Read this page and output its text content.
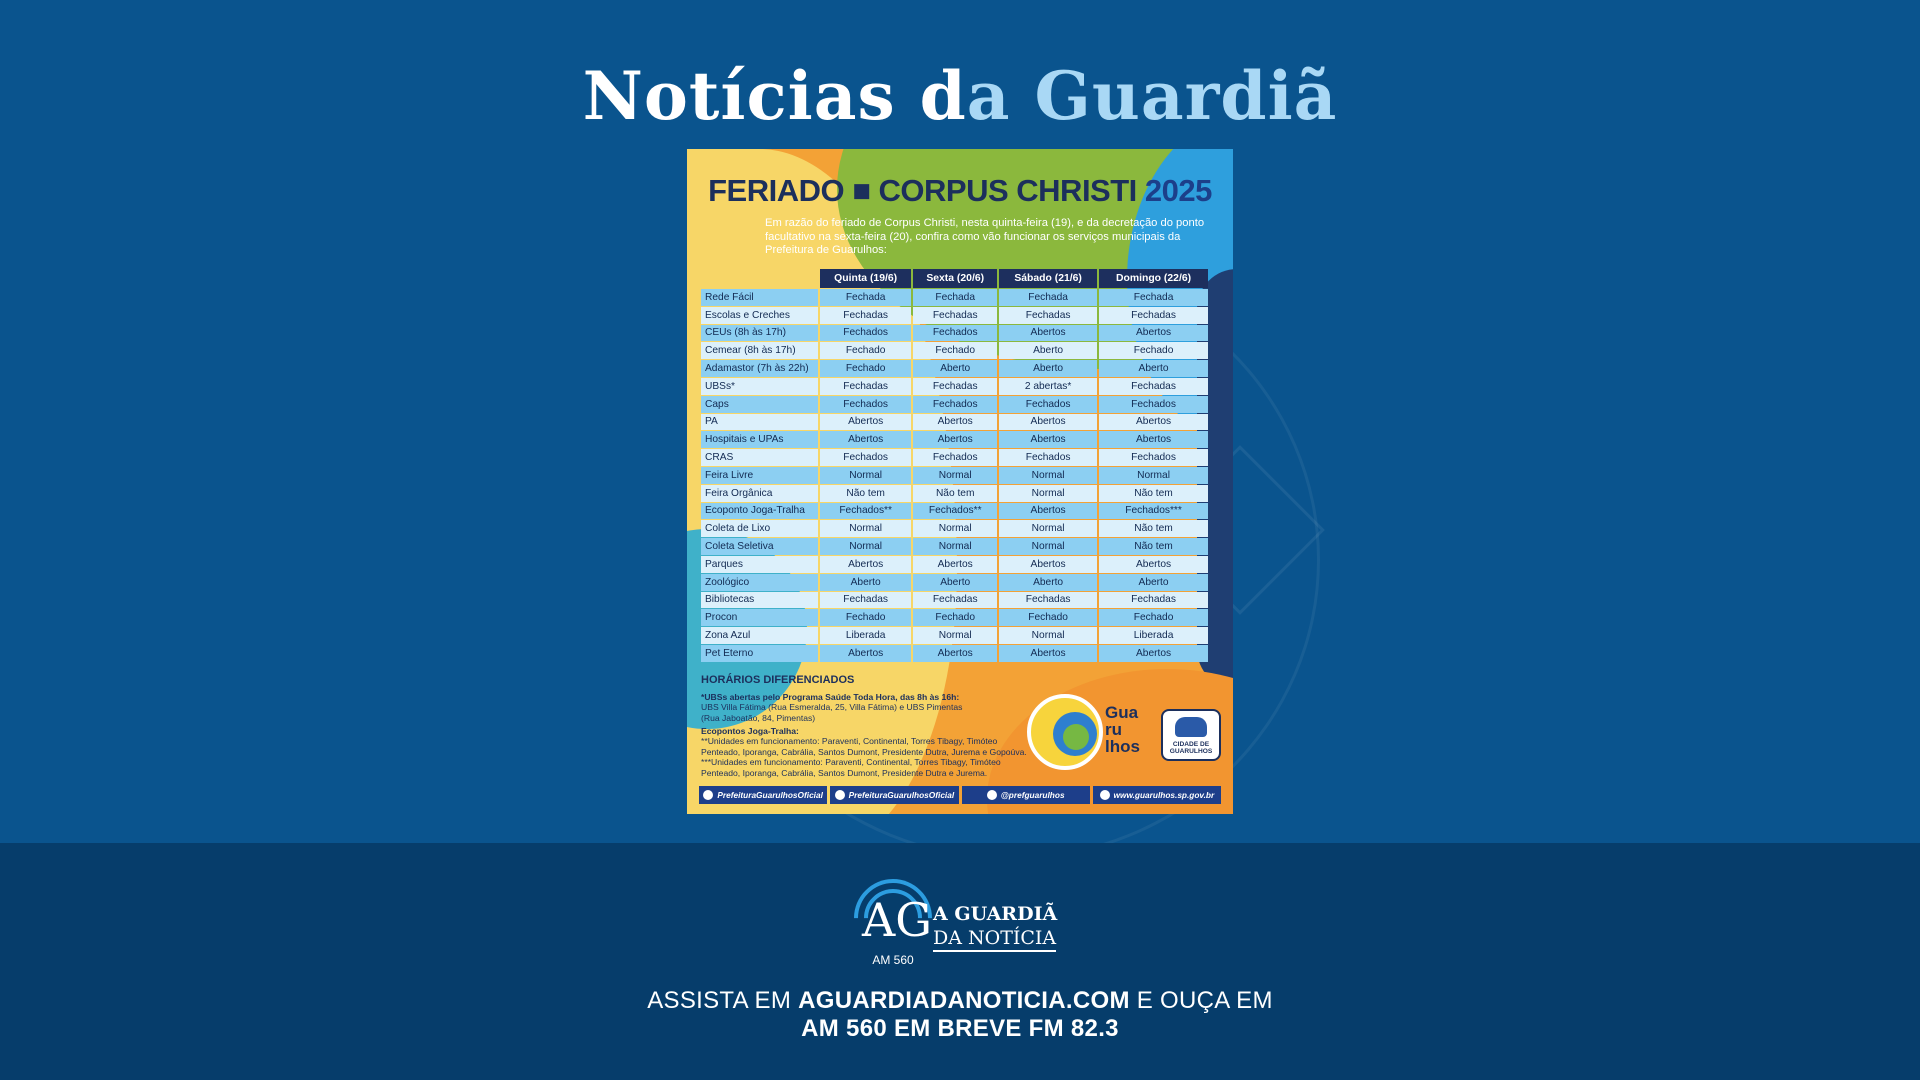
Notícias da Guardiã
FERIADO ■ CORPUS CHRISTI 2025
Em razão do feriado de Corpus Christi, nesta quinta-feira (19), e da decretação do ponto facultativo na sexta-feira (20), confira como vão funcionar os serviços municipais da Prefeitura de Guarulhos:
	Quinta (19/6)	Sexta (20/6)	Sábado (21/6)	Domingo (22/6)
Rede Fácil	Fechada	Fechada	Fechada	Fechada
Escolas e Creches	Fechadas	Fechadas	Fechadas	Fechadas
CEUs (8h às 17h)	Fechados	Fechados	Abertos	Abertos
Cemear (8h às 17h)	Fechado	Fechado	Aberto	Fechado
Adamastor (7h às 22h)	Fechado	Aberto	Aberto	Aberto
UBSs*	Fechadas	Fechadas	2 abertas*	Fechadas
Caps	Fechados	Fechados	Fechados	Fechados
PA	Abertos	Abertos	Abertos	Abertos
Hospitais e UPAs	Abertos	Abertos	Abertos	Abertos
CRAS	Fechados	Fechados	Fechados	Fechados
Feira Livre	Normal	Normal	Normal	Normal
Feira Orgânica	Não tem	Não tem	Normal	Não tem
Ecoponto Joga-Tralha	Fechados**	Fechados**	Abertos	Fechados***
Coleta de Lixo	Normal	Normal	Normal	Não tem
Coleta Seletiva	Normal	Normal	Normal	Não tem
Parques	Abertos	Abertos	Abertos	Abertos
Zoológico	Aberto	Aberto	Aberto	Aberto
Bibliotecas	Fechadas	Fechadas	Fechadas	Fechadas
Procon	Fechado	Fechado	Fechado	Fechado
Zona Azul	Liberada	Normal	Normal	Liberada
Pet Eterno	Abertos	Abertos	Abertos	Abertos
HORÁRIOS DIFERENCIADOS
*UBSs abertas pelo Programa Saúde Toda Hora, das 8h às 16h:
UBS Villa Fátima (Rua Esmeralda, 25, Villa Fátima) e UBS Pimentas
(Rua Jaboatão, 84, Pimentas)
Ecopontos Joga-Tralha:
**Unidades em funcionamento: Paraventi, Continental, Torres Tibagy, Timóteo Penteado, Iporanga, Cabrália, Santos Dumont, Presidente Dutra, Jurema e Gopoúva.
***Unidades em funcionamento: Paraventi, Continental, Torres Tibagy, Timóteo Penteado, Iporanga, Cabrália, Santos Dumont, Presidente Dutra e Jurema.
Gua
ru
lhos	CIDADE DE
GUARULHOS
PrefeituraGuarulhosOficial	PrefeituraGuarulhosOficial	@prefguarulhos	www.guarulhos.sp.gov.br
AG
AM 560
A GUARDIÃ
DA NOTÍCIA
ASSISTA EM AGUARDIADANOTICIA.COM E OUÇA EM
AM 560 EM BREVE FM 82.3
